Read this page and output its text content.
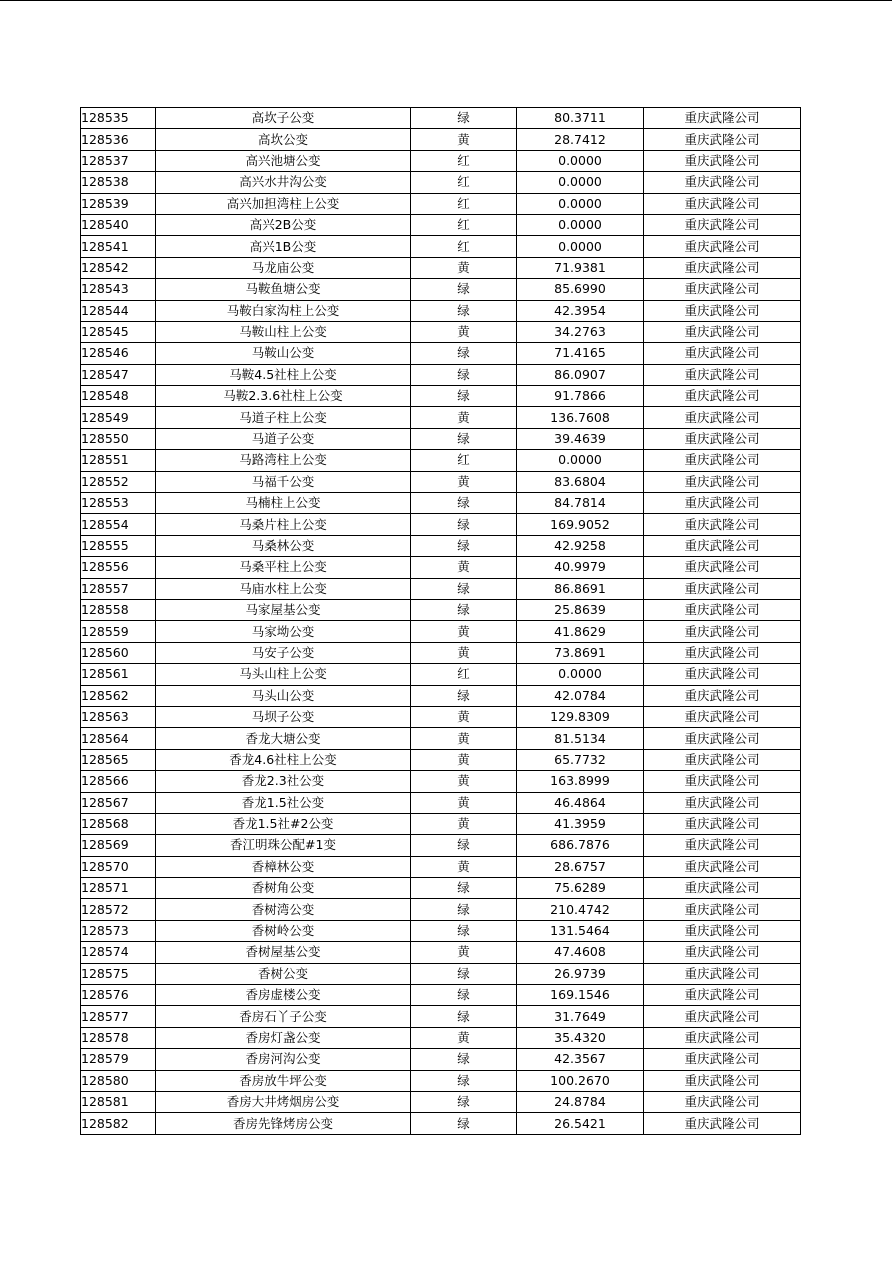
128535	高坎子公变	绿	80.3711	重庆武隆公司
128536	高坎公变	黄	28.7412	重庆武隆公司
128537	高兴池塘公变	红	0.0000	重庆武隆公司
128538	高兴水井沟公变	红	0.0000	重庆武隆公司
128539	高兴加担湾柱上公变	红	0.0000	重庆武隆公司
128540	高兴2B公变	红	0.0000	重庆武隆公司
128541	高兴1B公变	红	0.0000	重庆武隆公司
128542	马龙庙公变	黄	71.9381	重庆武隆公司
128543	马鞍鱼塘公变	绿	85.6990	重庆武隆公司
128544	马鞍白家沟柱上公变	绿	42.3954	重庆武隆公司
128545	马鞍山柱上公变	黄	34.2763	重庆武隆公司
128546	马鞍山公变	绿	71.4165	重庆武隆公司
128547	马鞍4.5社柱上公变	绿	86.0907	重庆武隆公司
128548	马鞍2.3.6社柱上公变	绿	91.7866	重庆武隆公司
128549	马道子柱上公变	黄	136.7608	重庆武隆公司
128550	马道子公变	绿	39.4639	重庆武隆公司
128551	马路湾柱上公变	红	0.0000	重庆武隆公司
128552	马福千公变	黄	83.6804	重庆武隆公司
128553	马楠柱上公变	绿	84.7814	重庆武隆公司
128554	马桑片柱上公变	绿	169.9052	重庆武隆公司
128555	马桑林公变	绿	42.9258	重庆武隆公司
128556	马桑平柱上公变	黄	40.9979	重庆武隆公司
128557	马庙水柱上公变	绿	86.8691	重庆武隆公司
128558	马家屋基公变	绿	25.8639	重庆武隆公司
128559	马家坳公变	黄	41.8629	重庆武隆公司
128560	马安子公变	黄	73.8691	重庆武隆公司
128561	马头山柱上公变	红	0.0000	重庆武隆公司
128562	马头山公变	绿	42.0784	重庆武隆公司
128563	马坝子公变	黄	129.8309	重庆武隆公司
128564	香龙大塘公变	黄	81.5134	重庆武隆公司
128565	香龙4.6社柱上公变	黄	65.7732	重庆武隆公司
128566	香龙2.3社公变	黄	163.8999	重庆武隆公司
128567	香龙1.5社公变	黄	46.4864	重庆武隆公司
128568	香龙1.5社#2公变	黄	41.3959	重庆武隆公司
128569	香江明珠公配#1变	绿	686.7876	重庆武隆公司
128570	香樟林公变	黄	28.6757	重庆武隆公司
128571	香树角公变	绿	75.6289	重庆武隆公司
128572	香树湾公变	绿	210.4742	重庆武隆公司
128573	香树岭公变	绿	131.5464	重庆武隆公司
128574	香树屋基公变	黄	47.4608	重庆武隆公司
128575	香树公变	绿	26.9739	重庆武隆公司
128576	香房虚楼公变	绿	169.1546	重庆武隆公司
128577	香房石丫子公变	绿	31.7649	重庆武隆公司
128578	香房灯盏公变	黄	35.4320	重庆武隆公司
128579	香房河沟公变	绿	42.3567	重庆武隆公司
128580	香房放牛坪公变	绿	100.2670	重庆武隆公司
128581	香房大井烤烟房公变	绿	24.8784	重庆武隆公司
128582	香房先锋烤房公变	绿	26.5421	重庆武隆公司
